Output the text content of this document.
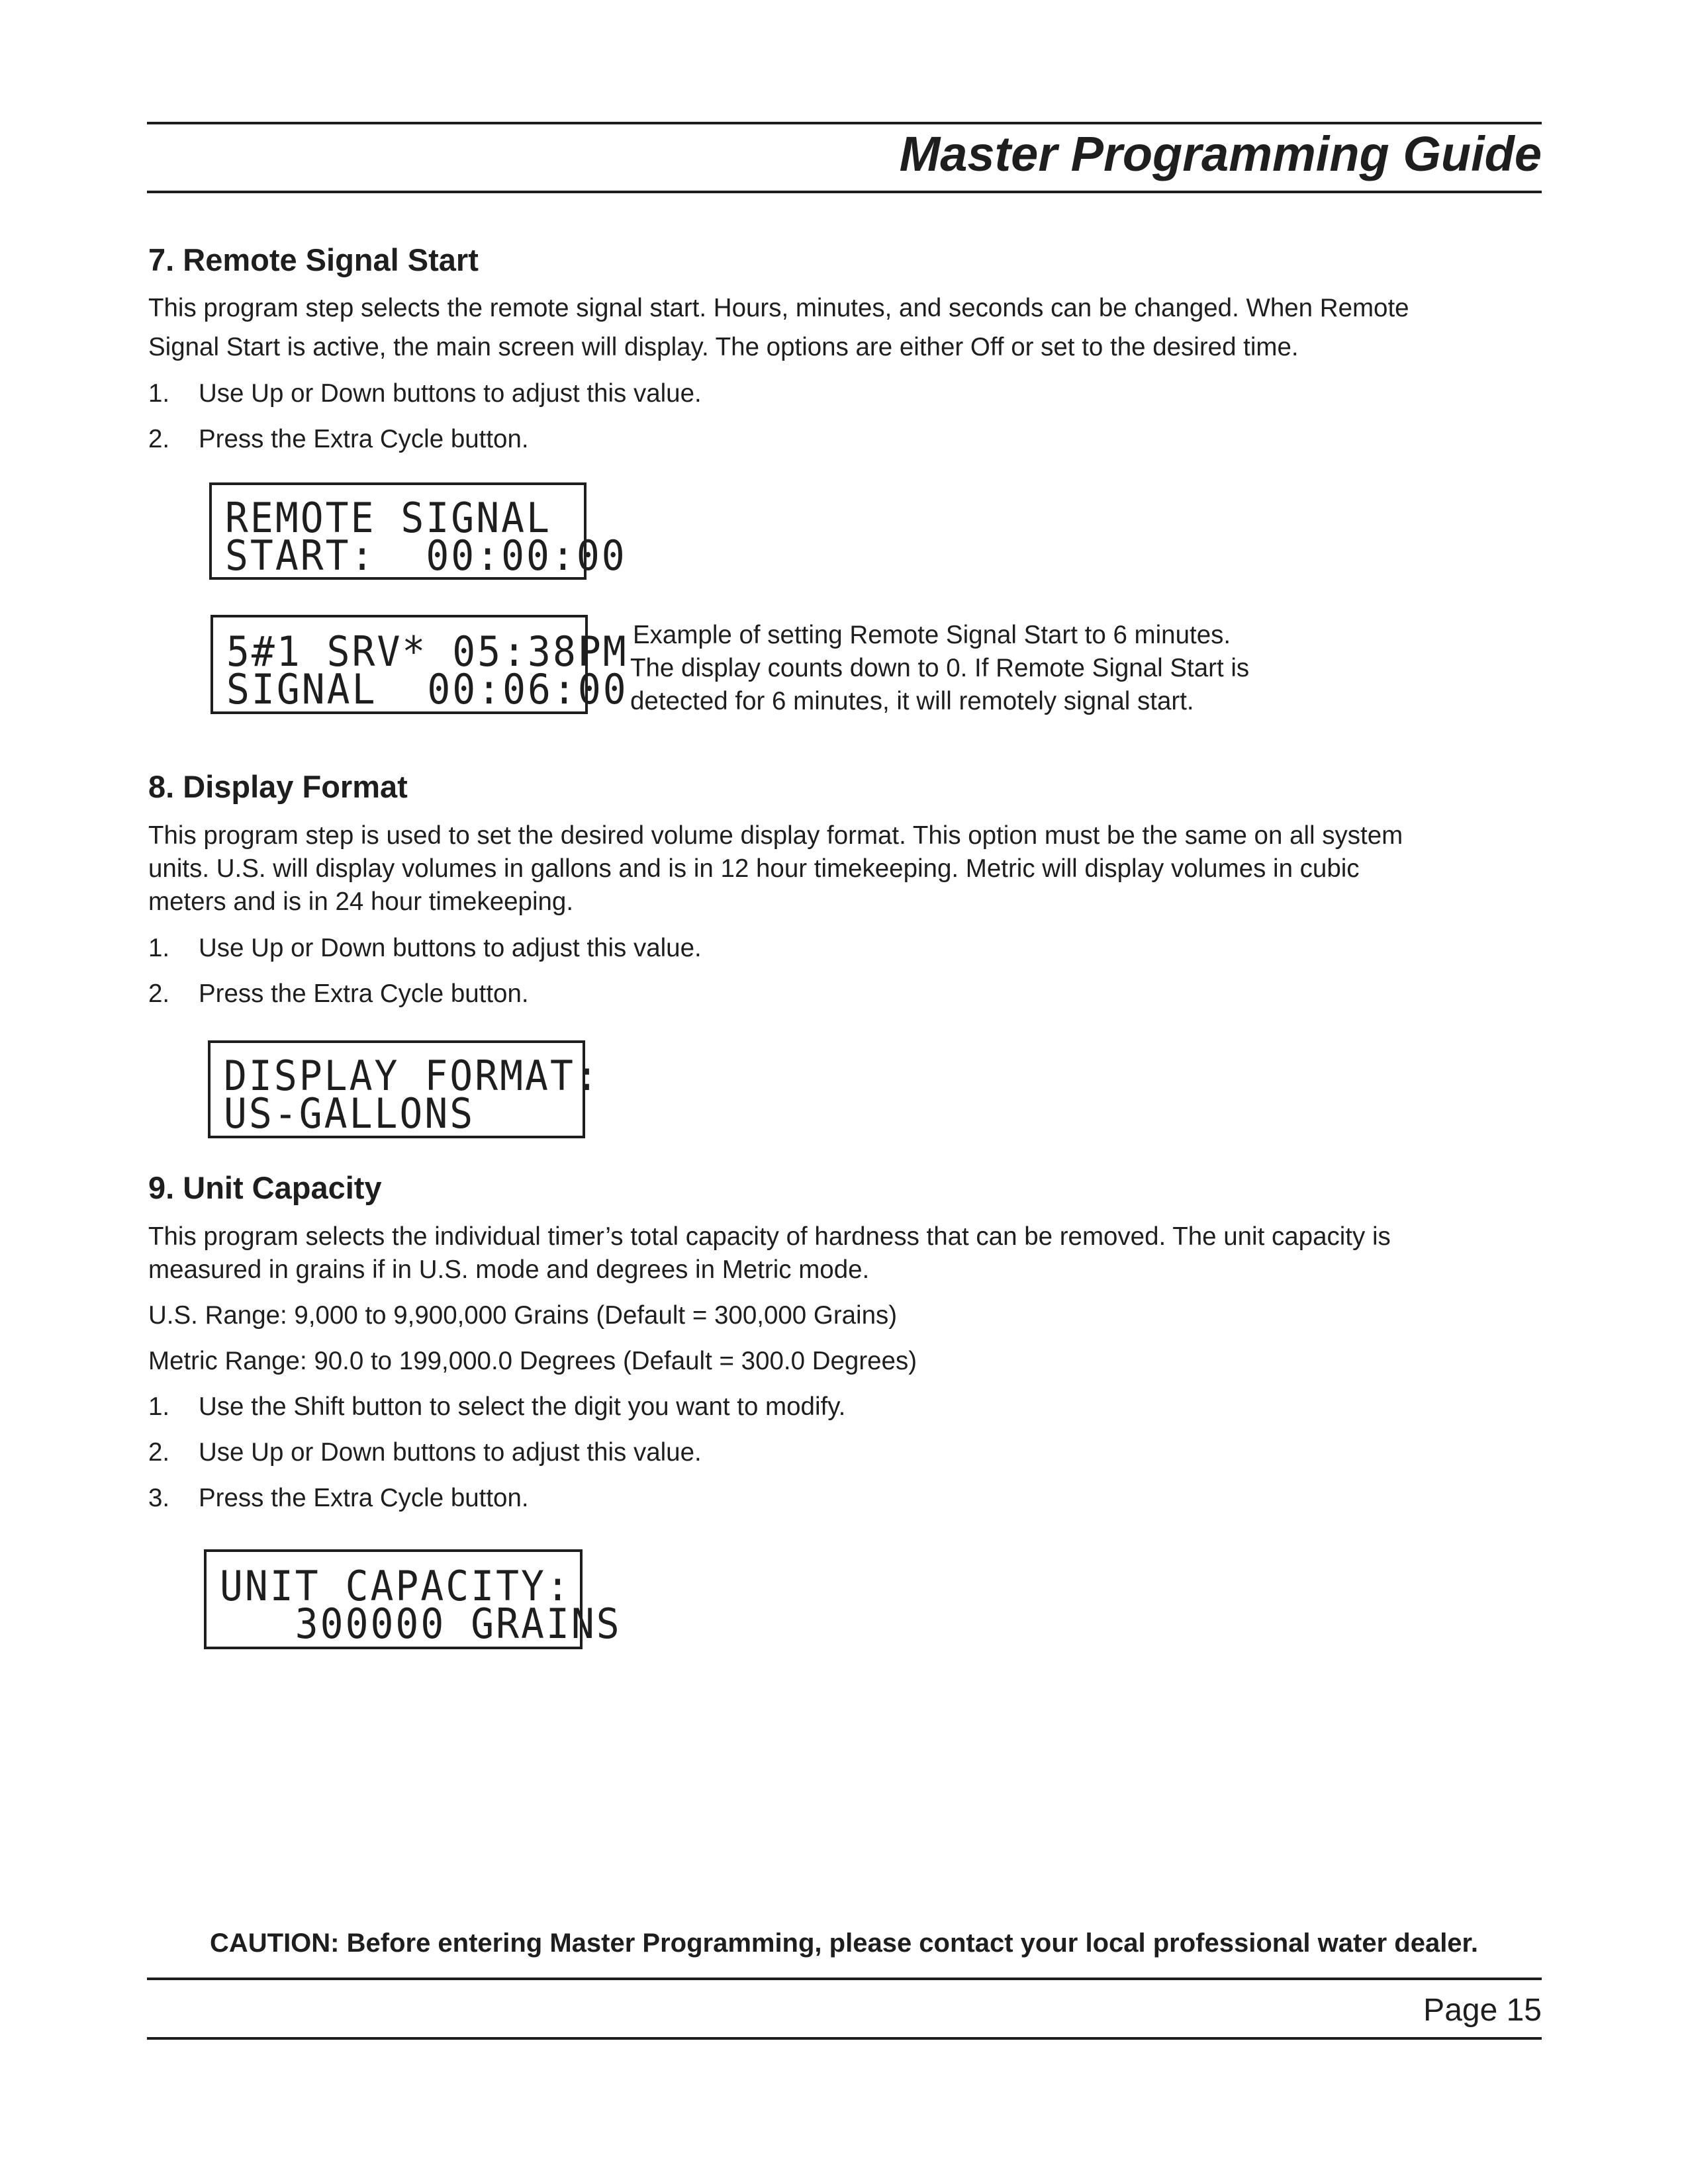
Master Programming Guide
7. Remote Signal Start
This program step selects the remote signal start. Hours, minutes, and seconds can be changed. When Remote
Signal Start is active, the main screen will display. The options are either Off or set to the desired time.
1. Use Up or Down buttons to adjust this value.
2. Press the Extra Cycle button.
REMOTE SIGNAL
START:  00:00:00
5#1 SRV* 05:38PM
SIGNAL  00:06:00
Example of setting Remote Signal Start to 6 minutes.
The display counts down to 0. If Remote Signal Start is
detected for 6 minutes, it will remotely signal start.
8. Display Format
This program step is used to set the desired volume display format. This option must be the same on all system
units. U.S. will display volumes in gallons and is in 12 hour timekeeping. Metric will display volumes in cubic
meters and is in 24 hour timekeeping.
1. Use Up or Down buttons to adjust this value.
2. Press the Extra Cycle button.
DISPLAY FORMAT:
US-GALLONS
9. Unit Capacity
This program selects the individual timer’s total capacity of hardness that can be removed. The unit capacity is
measured in grains if in U.S. mode and degrees in Metric mode.
U.S. Range: 9,000 to 9,900,000 Grains (Default = 300,000 Grains)
Metric Range: 90.0 to 199,000.0 Degrees (Default = 300.0 Degrees)
1. Use the Shift button to select the digit you want to modify.
2. Use Up or Down buttons to adjust this value.
3. Press the Extra Cycle button.
UNIT CAPACITY:
300000 GRAINS
CAUTION: Before entering Master Programming, please contact your local professional water dealer.
Page 15
